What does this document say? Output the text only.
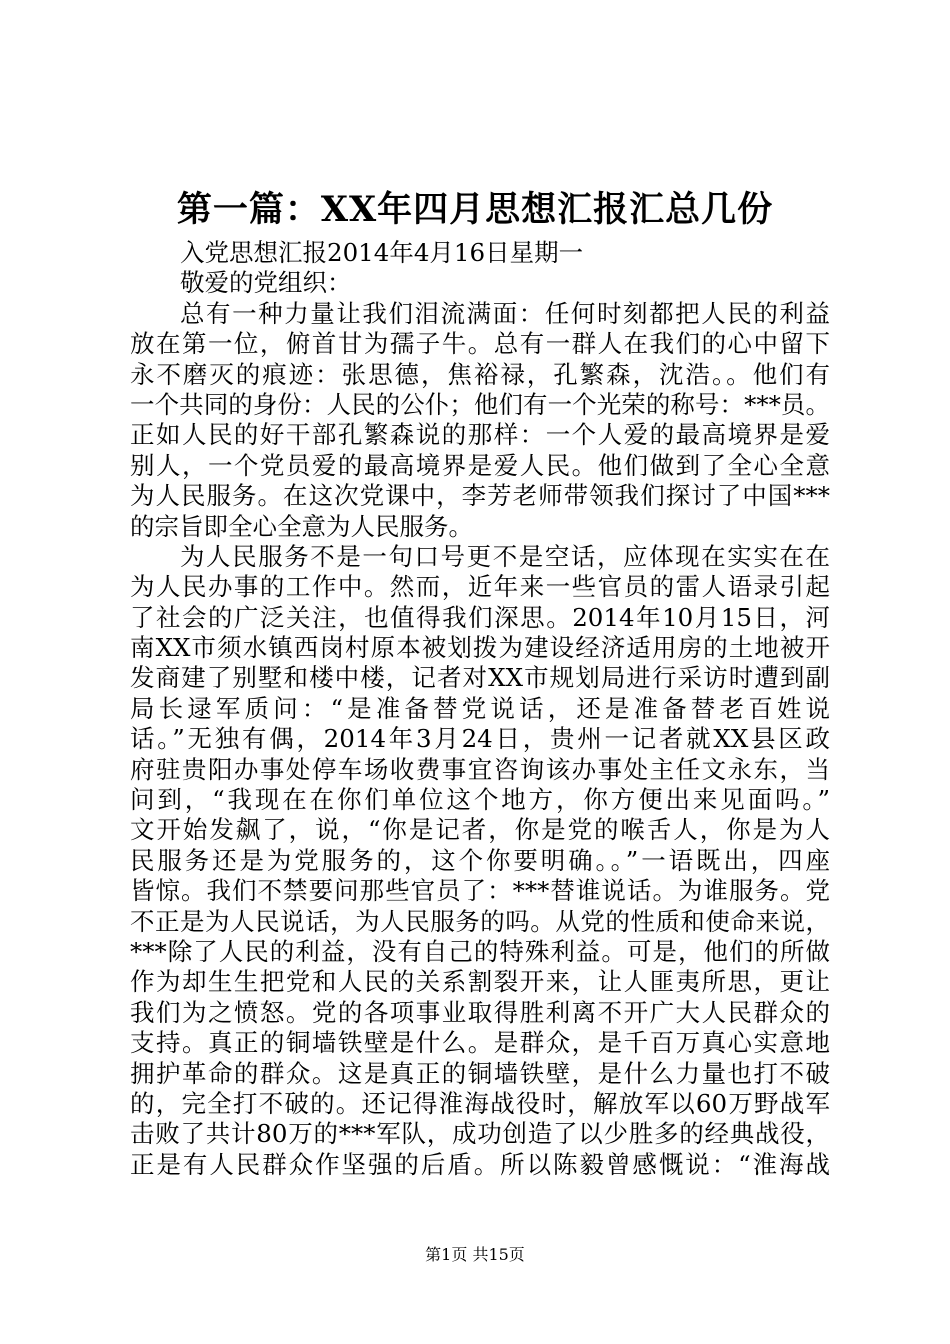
第一篇：XX年四月思想汇报汇总几份
入党思想汇报2014年4月16日星期一
敬爱的党组织：
总有一种力量让我们泪流满面：任何时刻都把人民的利益
放在第一位，俯首甘为孺子牛。总有一群人在我们的心中留下
永不磨灭的痕迹：张思德，焦裕禄，孔繁森，沈浩。。他们有
一个共同的身份：人民的公仆；他们有一个光荣的称号：***员。
正如人民的好干部孔繁森说的那样：一个人爱的最高境界是爱
别人，一个党员爱的最高境界是爱人民。他们做到了全心全意
为人民服务。在这次党课中，李芳老师带领我们探讨了中国***
的宗旨即全心全意为人民服务。
为人民服务不是一句口号更不是空话，应体现在实实在在
为人民办事的工作中。然而，近年来一些官员的雷人语录引起
了社会的广泛关注，也值得我们深思。2014年10月15日，河
南XX市须水镇西岗村原本被划拨为建设经济适用房的土地被开
发商建了别墅和楼中楼，记者对XX市规划局进行采访时遭到副
局长逯军质问：“是准备替党说话，还是准备替老百姓说
话。”无独有偶，2014年3月24日，贵州一记者就XX县区政
府驻贵阳办事处停车场收费事宜咨询该办事处主任文永东，当
问到，“我现在在你们单位这个地方，你方便出来见面吗。”
文开始发飙了，说，“你是记者，你是党的喉舌人，你是为人
民服务还是为党服务的，这个你要明确。。”一语既出，四座
皆惊。我们不禁要问那些官员了：***替谁说话。为谁服务。党
不正是为人民说话，为人民服务的吗。从党的性质和使命来说，
***除了人民的利益，没有自己的特殊利益。可是，他们的所做
作为却生生把党和人民的关系割裂开来，让人匪夷所思，更让
我们为之愤怒。党的各项事业取得胜利离不开广大人民群众的
支持。真正的铜墙铁壁是什么。是群众，是千百万真心实意地
拥护革命的群众。这是真正的铜墙铁壁，是什么力量也打不破
的，完全打不破的。还记得淮海战役时，解放军以60万野战军
击败了共计80万的***军队，成功创造了以少胜多的经典战役，
正是有人民群众作坚强的后盾。所以陈毅曾感慨说：“淮海战
第1页 共15页
